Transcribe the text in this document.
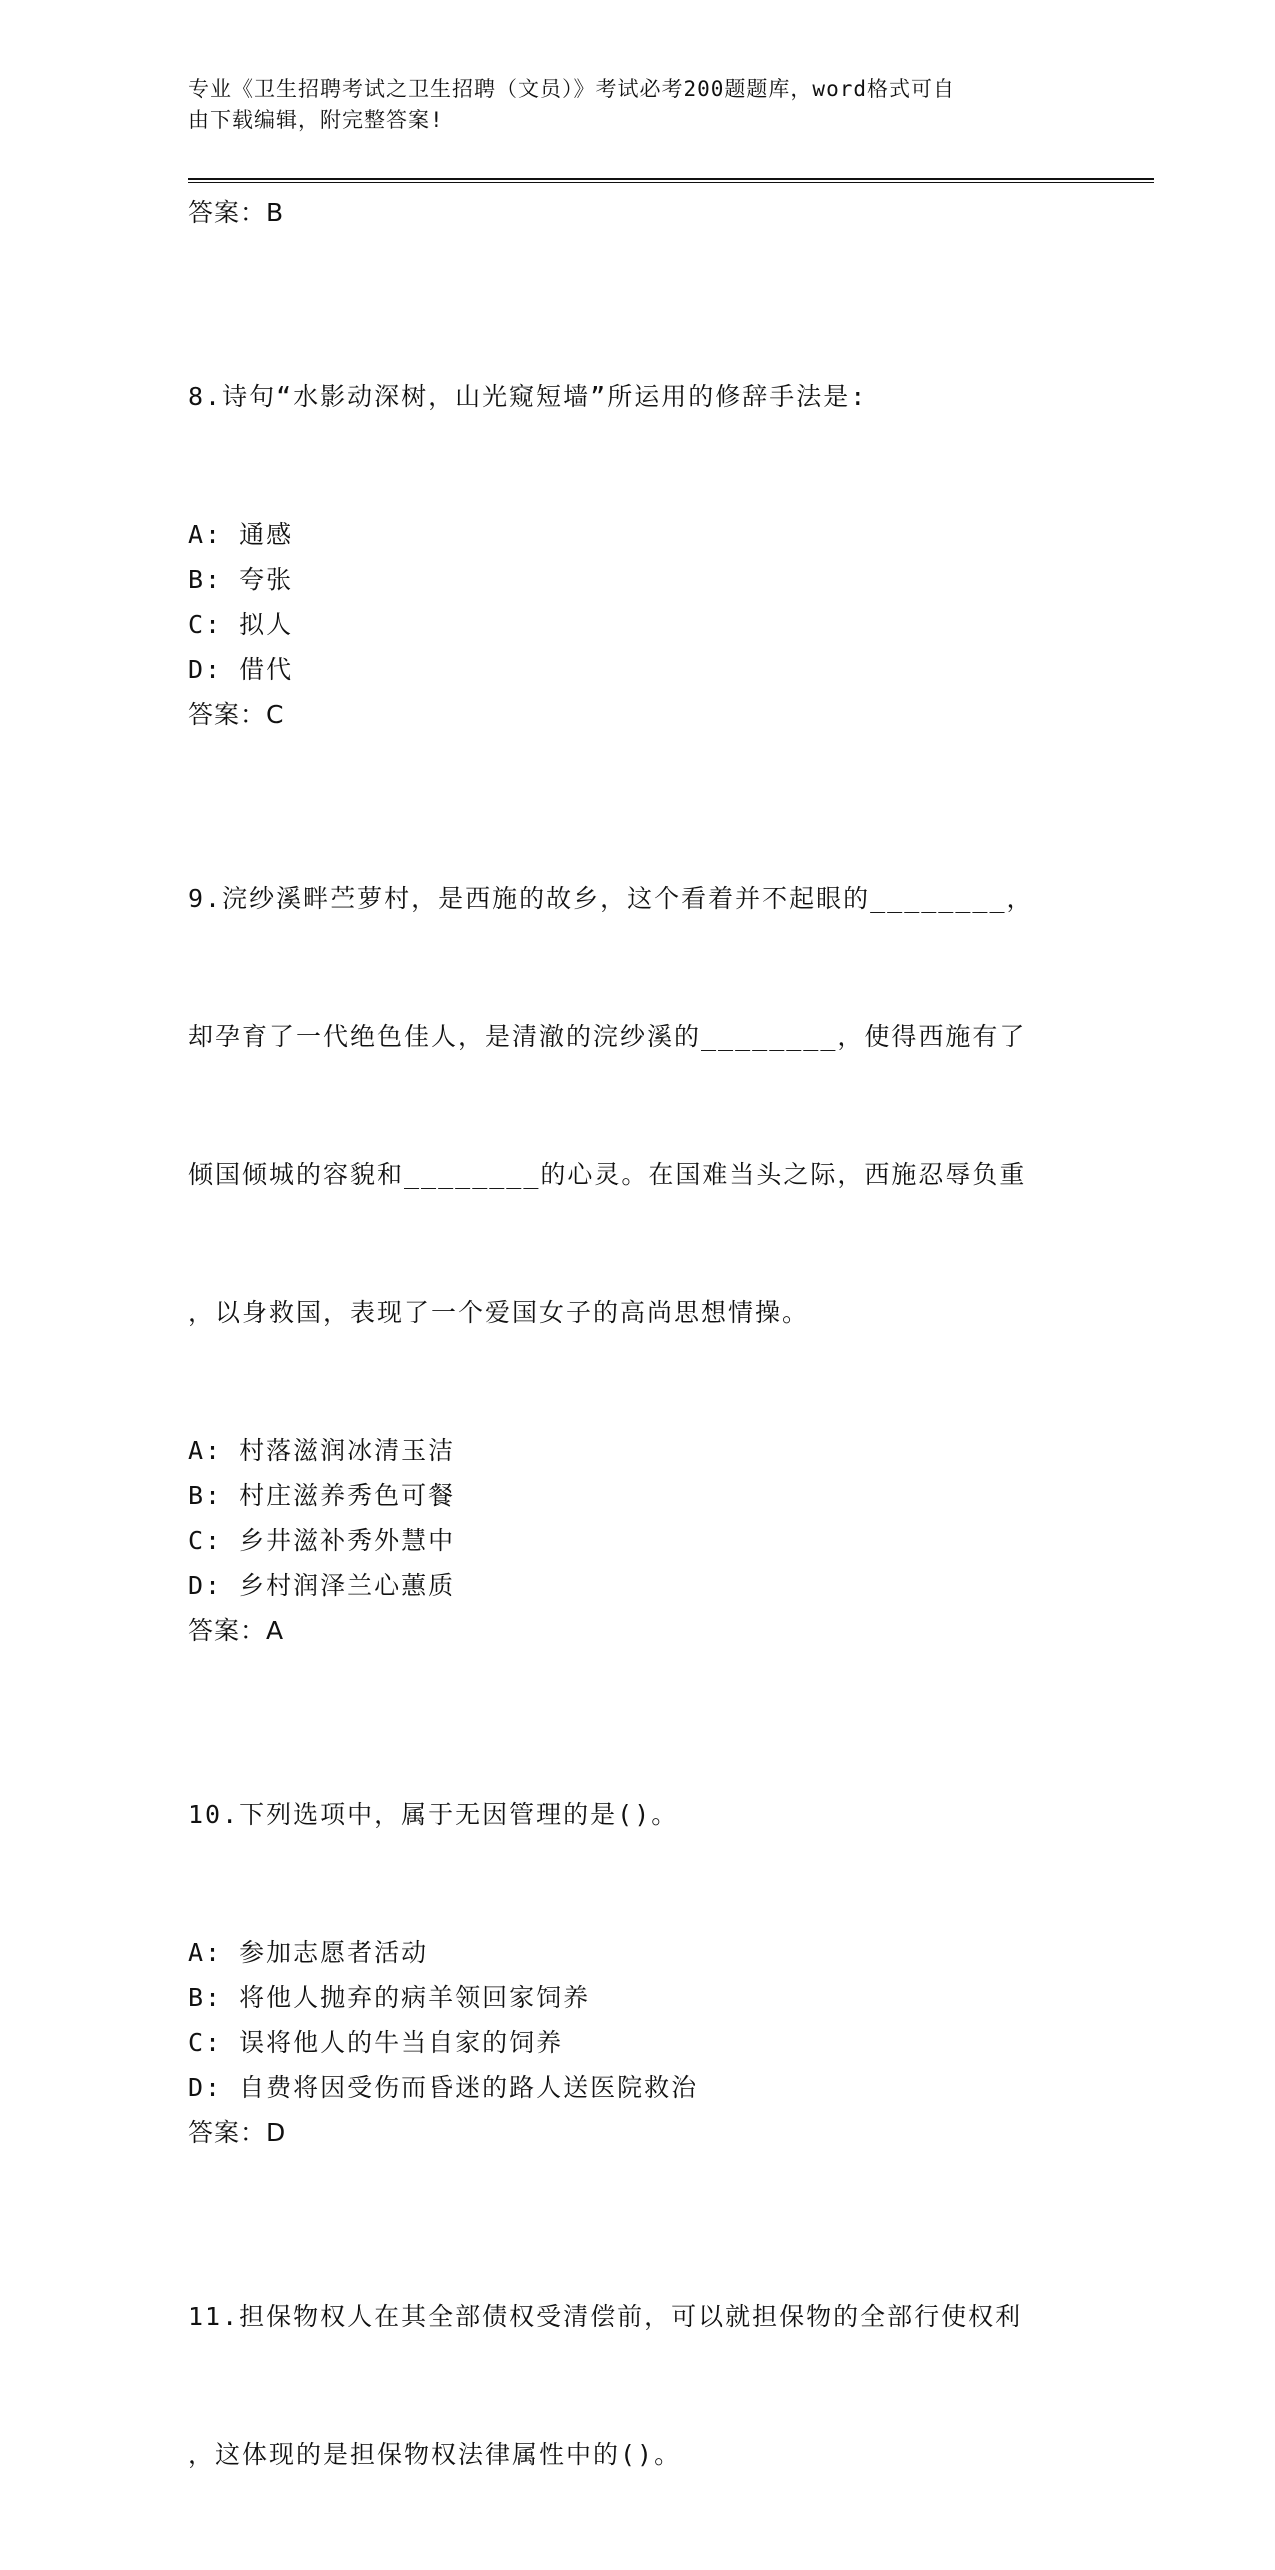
专业《卫生招聘考试之卫生招聘（文员）》考试必考200题题库，word格式可自
由下载编辑，附完整答案!
答案：B

8.诗句“水影动深树，山光窥短墙”所运用的修辞手法是:

A: 通感
B: 夸张
C: 拟人
D: 借代
答案：C

9.浣纱溪畔苎萝村，是西施的故乡，这个看着并不起眼的________，

却孕育了一代绝色佳人，是清澈的浣纱溪的________，使得西施有了

倾国倾城的容貌和________的心灵。在国难当头之际，西施忍辱负重

，以身救国，表现了一个爱国女子的高尚思想情操。

A: 村落滋润冰清玉洁
B: 村庄滋养秀色可餐
C: 乡井滋补秀外慧中
D: 乡村润泽兰心蕙质
答案：A

10.下列选项中，属于无因管理的是()。

A: 参加志愿者活动
B: 将他人抛弃的病羊领回家饲养
C: 误将他人的牛当自家的饲养
D: 自费将因受伤而昏迷的路人送医院救治
答案：D

11.担保物权人在其全部债权受清偿前，可以就担保物的全部行使权利

，这体现的是担保物权法律属性中的()。
